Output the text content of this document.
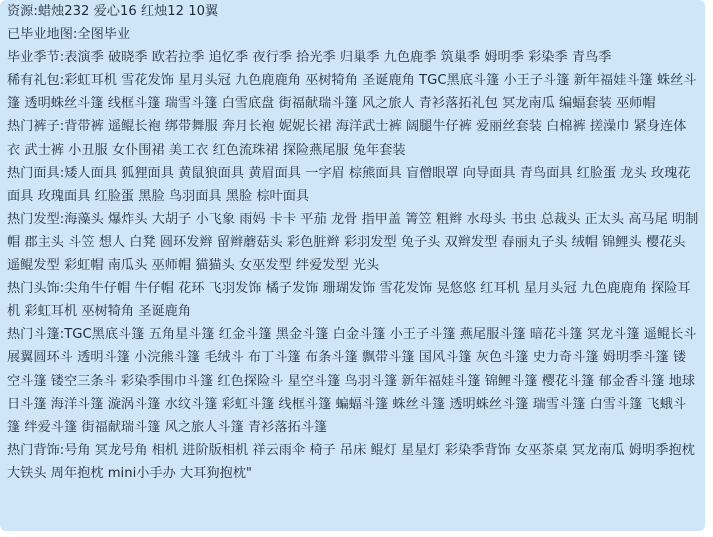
资源:蜡烛232 爱心16 红烛12 10翼

已毕业地图:全图毕业

毕业季节:表演季 破晓季 欧若拉季 追忆季 夜行季 拾光季 归巢季 九色鹿季 筑巢季 姆明季 彩染季 青鸟季

稀有礼包:彩虹耳机 雪花发饰 星月头冠 九色鹿鹿角 巫树犄角 圣诞鹿角 TGC黑底斗篷 小王子斗篷 新年福娃斗篷 蛛丝斗篷 透明蛛丝斗篷 线框斗篷 瑞雪斗篷 白雪底盘 街福献瑞斗篷 风之旅人 青衫落拓礼包 冥龙南瓜 编蝠套装 巫师帽

热门裤子:背带裤 遥鲲长袍 绑带舞服 奔月长袍 妮妮长裙 海洋武士裤 阔腿牛仔裤 爱丽丝套装 白棉裤 搓澡巾 紧身连体衣 武士裤 小丑服 女仆围裙 美工衣 红色流珠裙 探险燕尾服 兔年套装

热门面具:矮人面具 狐狸面具 黄鼠狼面具 黄眉面具 一字眉 棕熊面具 盲僧眼罩 向导面具 青鸟面具 红脸蛋 龙头 玫瑰花面具 玫瑰面具 红脸蛋 黑脸 鸟羽面具 黑脸 棕叶面具

热门发型:海藻头 爆炸头 大胡子 小飞象 雨妈 卡卡 平茄 龙骨 指甲盖 箐笠 粗辫 水母头 书虫 总裁头 正太头 高马尾 明制帽 郡主头 斗笠 想人 白凳 圆环发辫 留辫蘑菇头 彩色脏辫 彩羽发型 兔子头 双辫发型 春丽丸子头 绒帽 锦鲤头 樱花头 遥鲲发型 彩虹帽 南瓜头 巫师帽 猫猫头 女巫发型 绊爱发型 光头

热门头饰:尖角牛仔帽 牛仔帽 花环 飞羽发饰 橘子发饰 珊瑚发饰 雪花发饰 晃悠悠 红耳机 星月头冠 九色鹿鹿角 探险耳机 彩虹耳机 巫树犄角 圣诞鹿角

热门斗篷:TGC黑底斗篷 五角星斗篷 红金斗篷 黑金斗篷 白金斗篷 小王子斗篷 燕尾服斗篷 暗花斗篷 冥龙斗篷 遥鲲长斗 展翼圆环斗 透明斗篷 小浣熊斗篷 毛绒斗 布丁斗篷 布条斗篷 飘带斗篷 国风斗篷 灰色斗篷 史力奇斗篷 姆明季斗篷 镂空斗篷 镂空三条斗 彩染季围巾斗篷 红色探险斗 星空斗篷 鸟羽斗篷 新年福娃斗篷 锦鲤斗篷 樱花斗篷 郁金香斗篷 地球日斗篷 海洋斗篷 漩涡斗篷 水纹斗篷 彩虹斗篷 线框斗篷 蝙蝠斗篷 蛛丝斗篷 透明蛛丝斗篷 瑞雪斗篷 白雪斗篷 飞蛾斗篷 绊爱斗篷 街福献瑞斗篷 风之旅人斗篷 青衫落拓斗篷

热门背饰:号角 冥龙号角 相机 进阶版相机 祥云雨伞 椅子 吊床 鲲灯 星星灯 彩染季背饰 女巫茶桌 冥龙南瓜 姆明季抱枕 大铁头 周年抱枕 mini小手办 大耳狗抱枕"
